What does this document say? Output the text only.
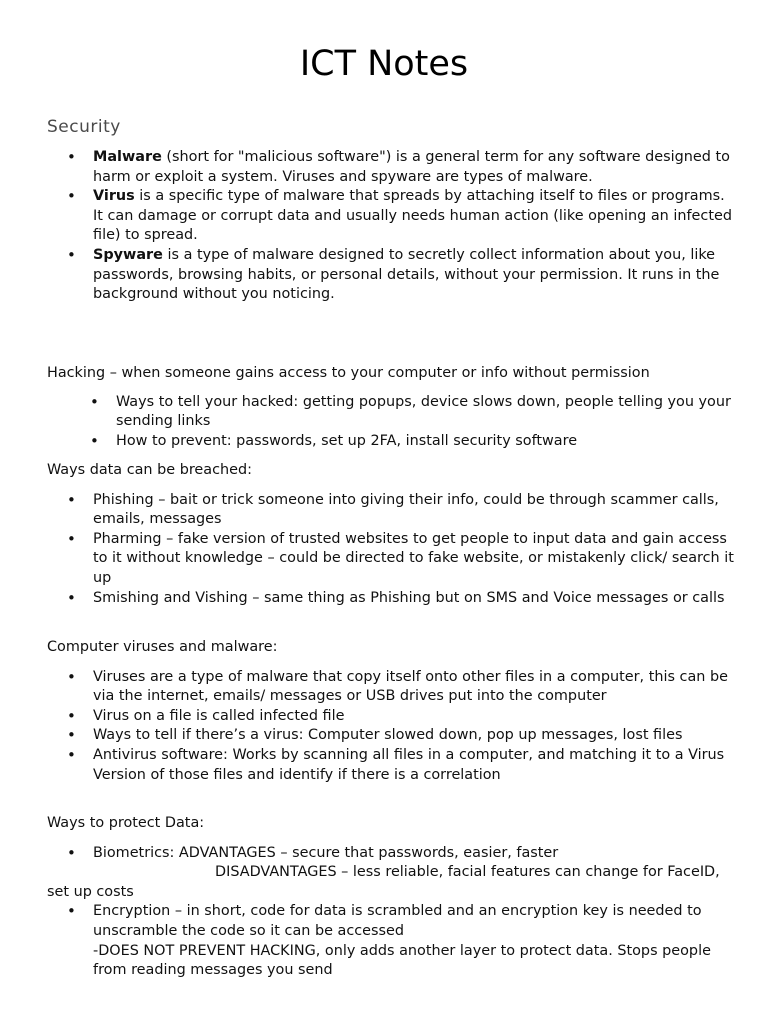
ICT Notes
Security
• Malware (short for "malicious software") is a general term for any software designed to harm or exploit a system. Viruses and spyware are types of malware.
• Virus is a specific type of malware that spreads by attaching itself to files or programs. It can damage or corrupt data and usually needs human action (like opening an infected file) to spread.
• Spyware is a type of malware designed to secretly collect information about you, like passwords, browsing habits, or personal details, without your permission. It runs in the background without you noticing.

Hacking – when someone gains access to your computer or info without permission

• Ways to tell your hacked: getting popups, device slows down, people telling you your sending links
• How to prevent: passwords, set up 2FA, install security software

Ways data can be breached:

• Phishing – bait or trick someone into giving their info, could be through scammer calls, emails, messages
• Pharming – fake version of trusted websites to get people to input data and gain access to it without knowledge – could be directed to fake website, or mistakenly click/ search it up
• Smishing and Vishing – same thing as Phishing but on SMS and Voice messages or calls

Computer viruses and malware:

• Viruses are a type of malware that copy itself onto other files in a computer, this can be via the internet, emails/ messages or USB drives put into the computer
• Virus on a file is called infected file
• Ways to tell if there’s a virus: Computer slowed down, pop up messages, lost files
• Antivirus software: Works by scanning all files in a computer, and matching it to a Virus Version of those files and identify if there is a correlation

Ways to protect Data:

• Biometrics: ADVANTAGES – secure that passwords, easier, faster
DISADVANTAGES – less reliable, facial features can change for FaceID, set up costs
• Encryption – in short, code for data is scrambled and an encryption key is needed to unscramble the code so it can be accessed
-DOES NOT PREVENT HACKING, only adds another layer to protect data. Stops people from reading messages you send
